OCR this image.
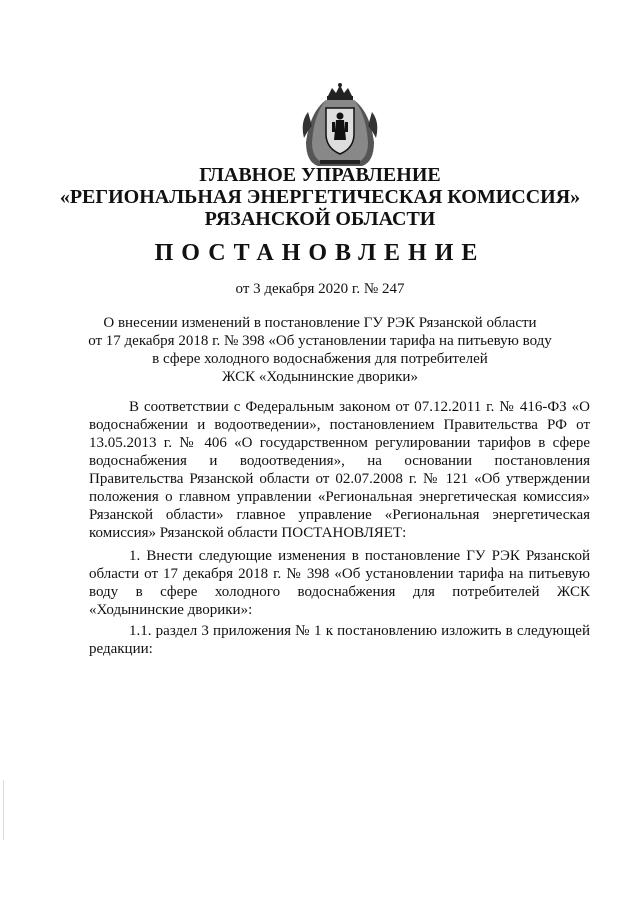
ГЛАВНОЕ УПРАВЛЕНИЕ
«РЕГИОНАЛЬНАЯ ЭНЕРГЕТИЧЕСКАЯ КОМИССИЯ»
РЯЗАНСКОЙ ОБЛАСТИ
ПОСТАНОВЛЕНИЕ
от 3 декабря 2020 г. № 247
О внесении изменений в постановление ГУ РЭК Рязанской области
от 17 декабря 2018 г. № 398 «Об установлении тарифа на питьевую воду
в сфере холодного водоснабжения для потребителей
ЖСК «Ходынинские дворики»
В соответствии с Федеральным законом от 07.12.2011 г. № 416-ФЗ «О водоснабжении и водоотведении», постановлением Правительства РФ от 13.05.2013 г. № 406 «О государственном регулировании тарифов в сфере водоснабжения и водоотведения», на основании постановления Правительства Рязанской области от 02.07.2008 г. № 121 «Об утверждении положения о главном управлении «Региональная энергетическая комиссия» Рязанской области» главное управление «Региональная энергетическая комиссия» Рязанской области ПОСТАНОВЛЯЕТ:
1. Внести следующие изменения в постановление ГУ РЭК Рязанской области от 17 декабря 2018 г. № 398 «Об установлении тарифа на питьевую воду в сфере холодного водоснабжения для потребителей ЖСК «Ходынинские дворики»:
1.1. раздел 3 приложения № 1 к постановлению изложить в следующей редакции:
